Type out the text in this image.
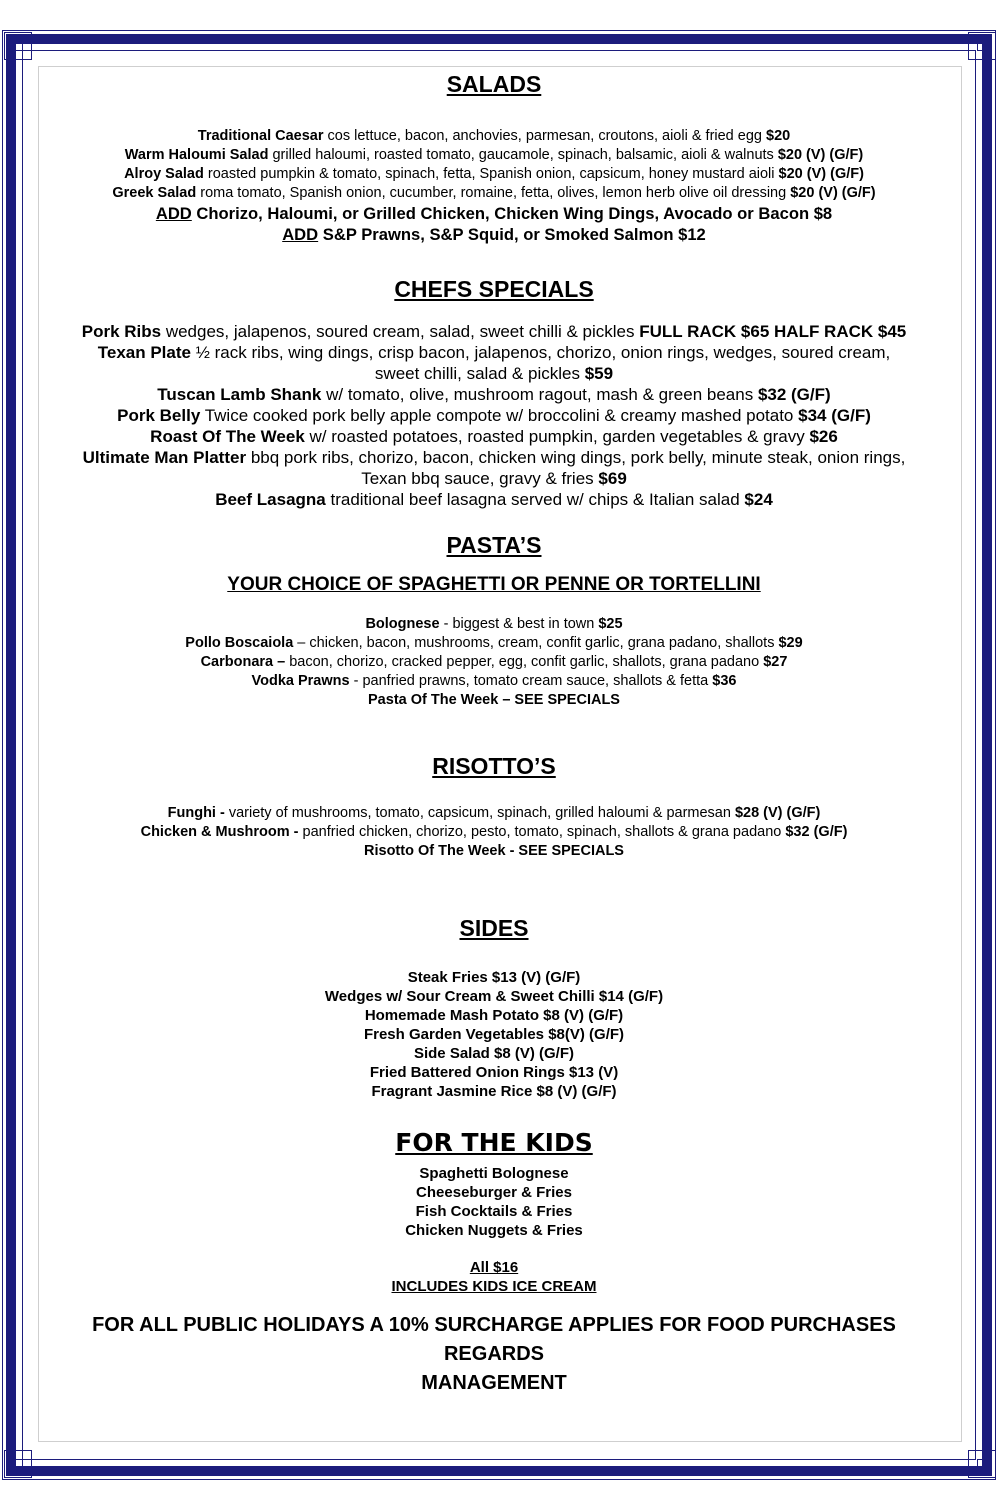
SALADS
Traditional Caesar cos lettuce, bacon, anchovies, parmesan, croutons, aioli & fried egg $20
Warm Haloumi Salad grilled haloumi, roasted tomato, gaucamole, spinach, balsamic, aioli & walnuts $20 (V) (G/F)
Alroy Salad roasted pumpkin & tomato, spinach, fetta, Spanish onion, capsicum, honey mustard aioli $20 (V) (G/F)
Greek Salad roma tomato, Spanish onion, cucumber, romaine, fetta, olives, lemon herb olive oil dressing $20 (V) (G/F)
ADD Chorizo, Haloumi, or Grilled Chicken, Chicken Wing Dings, Avocado or Bacon $8
ADD S&P Prawns, S&P Squid, or Smoked Salmon $12
CHEFS SPECIALS
Pork Ribs wedges, jalapenos, soured cream, salad, sweet chilli & pickles FULL RACK $65 HALF RACK $45
Texan Plate ½ rack ribs, wing dings, crisp bacon, jalapenos, chorizo, onion rings, wedges, soured cream,
sweet chilli, salad & pickles $59
Tuscan Lamb Shank w/ tomato, olive, mushroom ragout, mash & green beans $32 (G/F)
Pork Belly Twice cooked pork belly apple compote w/ broccolini & creamy mashed potato $34 (G/F)
Roast Of The Week w/ roasted potatoes, roasted pumpkin, garden vegetables & gravy $26
Ultimate Man Platter bbq pork ribs, chorizo, bacon, chicken wing dings, pork belly, minute steak, onion rings,
Texan bbq sauce, gravy & fries $69
Beef Lasagna traditional beef lasagna served w/ chips & Italian salad $24
PASTA’S
YOUR CHOICE OF SPAGHETTI OR PENNE OR TORTELLINI
Bolognese - biggest & best in town $25
Pollo Boscaiola – chicken, bacon, mushrooms, cream, confit garlic, grana padano, shallots $29
Carbonara – bacon, chorizo, cracked pepper, egg, confit garlic, shallots, grana padano $27
Vodka Prawns - panfried prawns, tomato cream sauce, shallots & fetta $36
Pasta Of The Week – SEE SPECIALS
RISOTTO’S
Funghi - variety of mushrooms, tomato, capsicum, spinach, grilled haloumi & parmesan $28 (V) (G/F)
Chicken & Mushroom - panfried chicken, chorizo, pesto, tomato, spinach, shallots & grana padano $32 (G/F)
Risotto Of The Week - SEE SPECIALS
SIDES
Steak Fries $13 (V) (G/F)
Wedges w/ Sour Cream & Sweet Chilli $14 (G/F)
Homemade Mash Potato $8 (V) (G/F)
Fresh Garden Vegetables $8(V) (G/F)
Side Salad $8 (V) (G/F)
Fried Battered Onion Rings $13 (V)
Fragrant Jasmine Rice $8 (V) (G/F)
FOR THE KIDS
Spaghetti Bolognese
Cheeseburger & Fries
Fish Cocktails & Fries
Chicken Nuggets & Fries
All $16
INCLUDES KIDS ICE CREAM
FOR ALL PUBLIC HOLIDAYS A 10% SURCHARGE APPLIES FOR FOOD PURCHASES
REGARDS
MANAGEMENT
